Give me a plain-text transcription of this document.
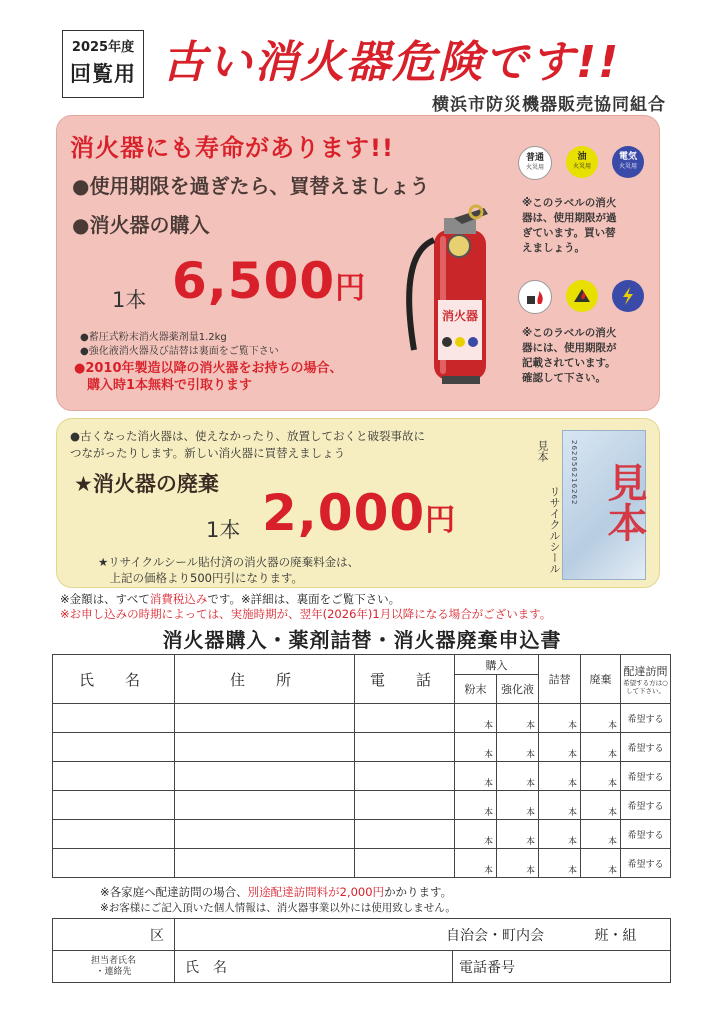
2025年度
回覧用 古い消火器危険です!!
横浜市防災機器販売協同組合
消火器にも寿命があります!!
●使用期限を過ぎたら、買替えましょう
●消火器の購入
1本 6,500円
●蓄圧式粉末消火器薬剤量1.2kg
●強化液消火器及び詰替は裏面をご覧下さい
●2010年製造以降の消火器をお持ちの場合、
　購入時1本無料で引取ります
消火器
普通
火災用
油
火災用
電気
火災用
※このラベルの消火
器は、使用期限が過
ぎています。買い替
えましょう。
※このラベルの消火
器には、使用期限が
記載されています。
確認して下さい。
●古くなった消火器は、使えなかったり、放置しておくと破裂事故に
つながったりします。新しい消火器に買替えましょう
★消火器の廃棄
1本 2,000円
★リサイクルシール貼付済の消火器の廃棄料金は、
　上記の価格より500円引になります。
見本
リサイクルシール
262056216262 見本
※金額は、すべて消費税込みです。※詳細は、裏面をご覧下さい。
※お申し込みの時期によっては、実施時期が、翌年(2026年)1月以降になる場合がございます。
消火器購入・薬剤詰替・消火器廃棄申込書
氏　名	住　所	電　話	購入		詰替	廃棄	配達訪問
希望する方は○して下さい。

			粉末	強化液			
			本	本	本	本	希望する
			本	本	本	本	希望する
			本	本	本	本	希望する
			本	本	本	本	希望する
			本	本	本	本	希望する
			本	本	本	本	希望する
※各家庭へ配達訪問の場合、別途配達訪問料が2,000円かかります。
※お客様にご記入頂いた個人情報は、消火器事業以外には使用致しません。
区	自治会・町内会 班・組	
担当者氏名
・連絡先	氏　名	電話番号
